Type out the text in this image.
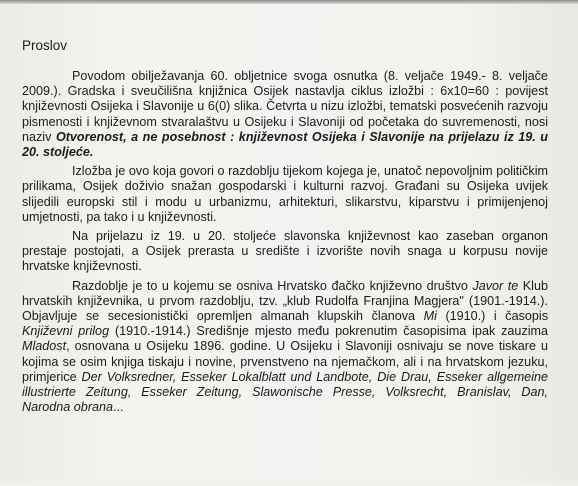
Proslov

Povodom obilježavanja 60. obljetnice svoga osnutka (8. veljače 1949.- 8. veljače 2009.). Gradska i sveučilišna knjižnica Osijek nastavlja ciklus izložbi : 6x10=60 : povijest književnosti Osijeka i Slavonije u 6(0) slika. Četvrta u nizu izložbi, tematski posvećenih razvoju pismenosti i književnom stvaralaštvu u Osijeku i Slavoniji od početaka do suvremenosti, nosi naziv Otvorenost, a ne posebnost : književnost Osijeka i Slavonije na prijelazu iz 19. u 20. stoljeće.

Izložba je ovo koja govori o razdoblju tijekom kojega je, unatoč nepovoljnim političkim prilikama, Osijek doživio snažan gospodarski i kulturni razvoj. Građani su Osijeka uvijek slijedili europski stil i modu u urbanizmu, arhitekturi, slikarstvu, kiparstvu i primijenjenoj umjetnosti, pa tako i u književnosti.

Na prijelazu iz 19. u 20. stoljeće slavonska književnost kao zaseban organon prestaje postojati, a Osijek prerasta u središte i izvorište novih snaga u korpusu novije hrvatske književnosti.

Razdoblje je to u kojemu se osniva Hrvatsko đačko književno društvo Javor te Klub hrvatskih književnika, u prvom razdoblju, tzv. „klub Rudolfa Franjina Magjera" (1901.-1914.). Objavljuje se secesionistički opremljen almanah klupskih članova Mi (1910.) i časopis Književni prilog (1910.-1914.) Središnje mjesto među pokrenutim časopisima ipak zauzima Mladost, osnovana u Osijeku 1896. godine. U Osijeku i Slavoniji osnivaju se nove tiskare u kojima se osim knjiga tiskaju i novine, prvenstveno na njemačkom, ali i na hrvatskom jezuku, primjerice Der Volksredner, Esseker Lokalblatt und Landbote, Die Drau, Esseker allgemeine illustrierte Zeitung, Esseker Zeitung, Slawonische Presse, Volksrecht, Branislav, Dan, Narodna obrana...
